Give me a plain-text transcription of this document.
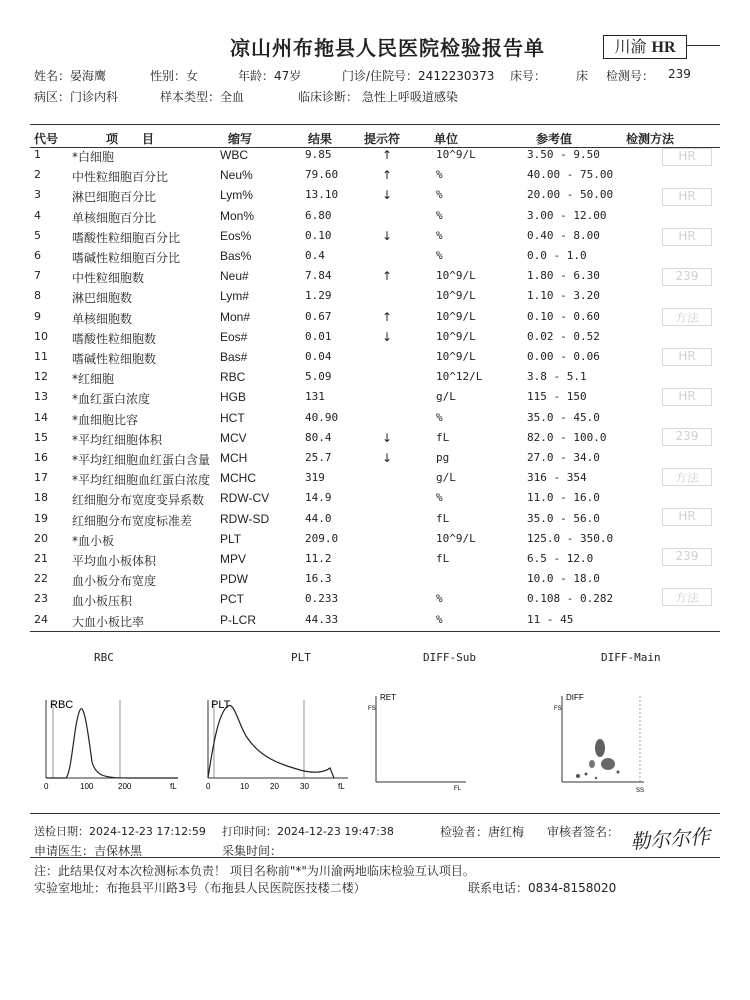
凉山州布拖县人民医院检验报告单	川渝 HR
姓名：晏海鹰	性别：女	年龄：47岁	门诊/住院号：2412230373 床号： 床 检测号： 239
病区：门诊内科	样本类型：全血	临床诊断： 急性上呼吸道感染
代号	项　　目	缩写	结果	提示符	单位	参考值	检测方法
1	*白细胞	WBC	9.85	↑	10^9/L	3.50 - 9.50
2	中性粒细胞百分比	Neu%	79.60	↑	%	40.00 - 75.00
3	淋巴细胞百分比	Lym%	13.10	↓	%	20.00 - 50.00
4	单核细胞百分比	Mon%	6.80	%	3.00 - 12.00
5	嗜酸性粒细胞百分比	Eos%	0.10	↓	%	0.40 - 8.00
6	嗜碱性粒细胞百分比	Bas%	0.4	%	0.0 - 1.0
7	中性粒细胞数	Neu#	7.84	↑	10^9/L	1.80 - 6.30
8	淋巴细胞数	Lym#	1.29	10^9/L	1.10 - 3.20
9	单核细胞数	Mon#	0.67	↑	10^9/L	0.10 - 0.60
10 嗜酸性粒细胞数	Eos#	0.01	↓	10^9/L	0.02 - 0.52
11 嗜碱性粒细胞数	Bas#	0.04	10^9/L	0.00 - 0.06
12 *红细胞	RBC	5.09	10^12/L	3.8 - 5.1
13 *血红蛋白浓度	HGB	131	g/L	115 - 150
14 *血细胞比容	HCT	40.90	%	35.0 - 45.0
15 *平均红细胞体积	MCV	80.4	↓	fL	82.0 - 100.0
16 *平均红细胞血红蛋白含量 MCH	25.7	↓	pg	27.0 - 34.0
17 *平均红细胞血红蛋白浓度 MCHC	319	g/L	316 - 354
18 红细胞分布宽度变异系数 RDW-CV	14.9	%	11.0 - 16.0
19 红细胞分布宽度标准差 RDW-SD	44.0	fL	35.0 - 56.0
20 *血小板	PLT	209.0	10^9/L	125.0 - 350.0
21 平均血小板体积	MPV	11.2	fL	6.5 - 12.0
22 血小板分布宽度	PDW	16.3	10.0 - 18.0
23 血小板压积	PCT	0.233	%	0.108 - 0.282
24 大血小板比率	P-LCR	44.33	%	11 - 45
HR
HR
HR
239
方法
HR
HR
239
方法
HR
239
方法
RBC	PLT	DIFF-Sub	DIFF-Main
RBC
0	100	200	fL
PLT
0	10	20	30	fL
RET
FS
FL
DIFF
FS
SS
送检日期：2024-12-23 17:12:59 打印时间：2024-12-23 19:47:38	检验者：唐红梅 审核者签名： 勒尔尔作
申请医生：吉保林黑	采集时间：
注：此结果仅对本次检测标本负责！ 项目名称前"*"为川渝两地临床检验互认项目。
实验室地址：布拖县平川路3号（布拖县人民医院医技楼二楼）	联系电话：0834-8158020
